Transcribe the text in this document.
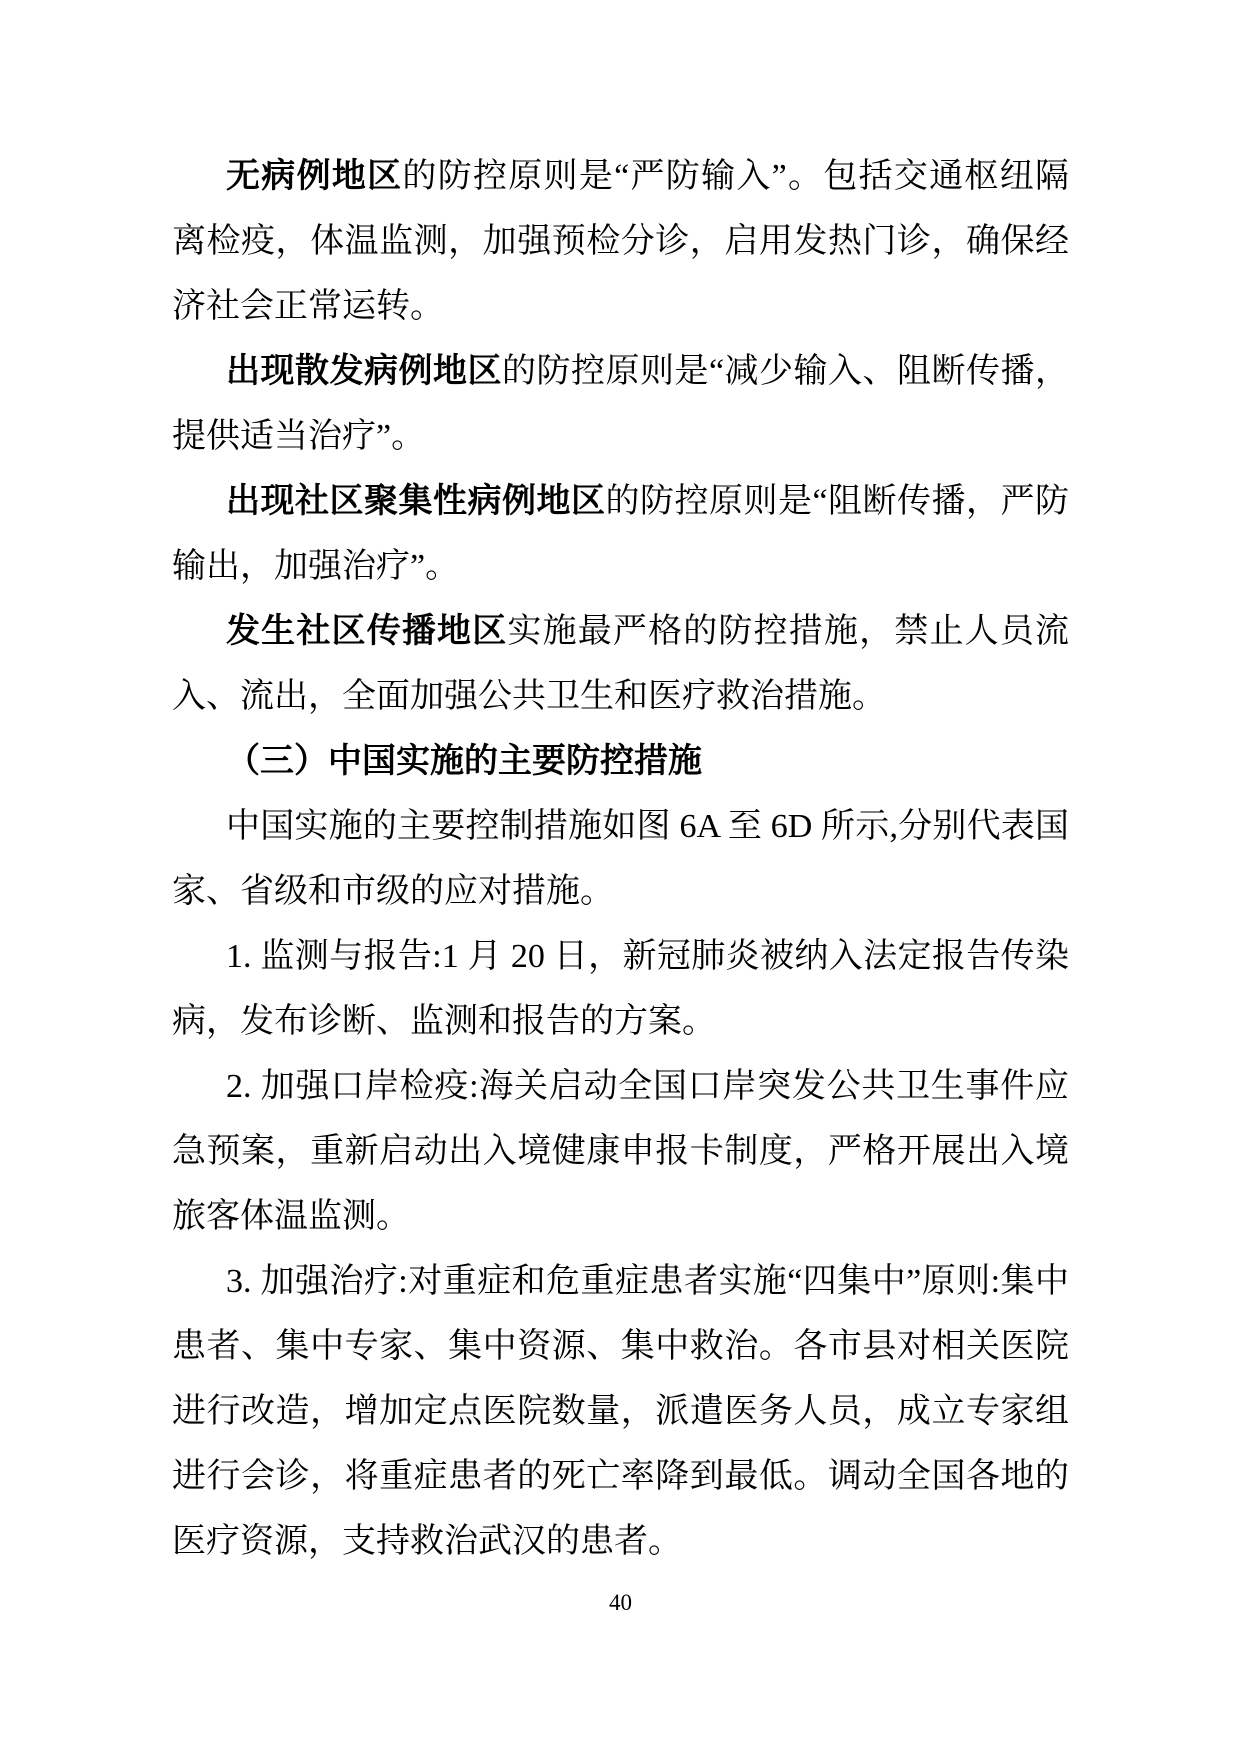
无病例地区的防控原则是“严防输入”。包括交通枢纽隔离检疫，体温监测，加强预检分诊，启用发热门诊，确保经济社会正常运转。

出现散发病例地区的防控原则是“减少输入、阻断传播，提供适当治疗”。

出现社区聚集性病例地区的防控原则是“阻断传播，严防输出，加强治疗”。

发生社区传播地区实施最严格的防控措施，禁止人员流入、流出，全面加强公共卫生和医疗救治措施。

（三）中国实施的主要防控措施

中国实施的主要控制措施如图 6A 至 6D 所示,分别代表国家、省级和市级的应对措施。

1. 监测与报告:1 月 20 日，新冠肺炎被纳入法定报告传染病，发布诊断、监测和报告的方案。

2. 加强口岸检疫:海关启动全国口岸突发公共卫生事件应急预案，重新启动出入境健康申报卡制度，严格开展出入境旅客体温监测。

3. 加强治疗:对重症和危重症患者实施“四集中”原则:集中患者、集中专家、集中资源、集中救治。各市县对相关医院进行改造，增加定点医院数量，派遣医务人员，成立专家组进行会诊，将重症患者的死亡率降到最低。调动全国各地的医疗资源，支持救治武汉的患者。

40
